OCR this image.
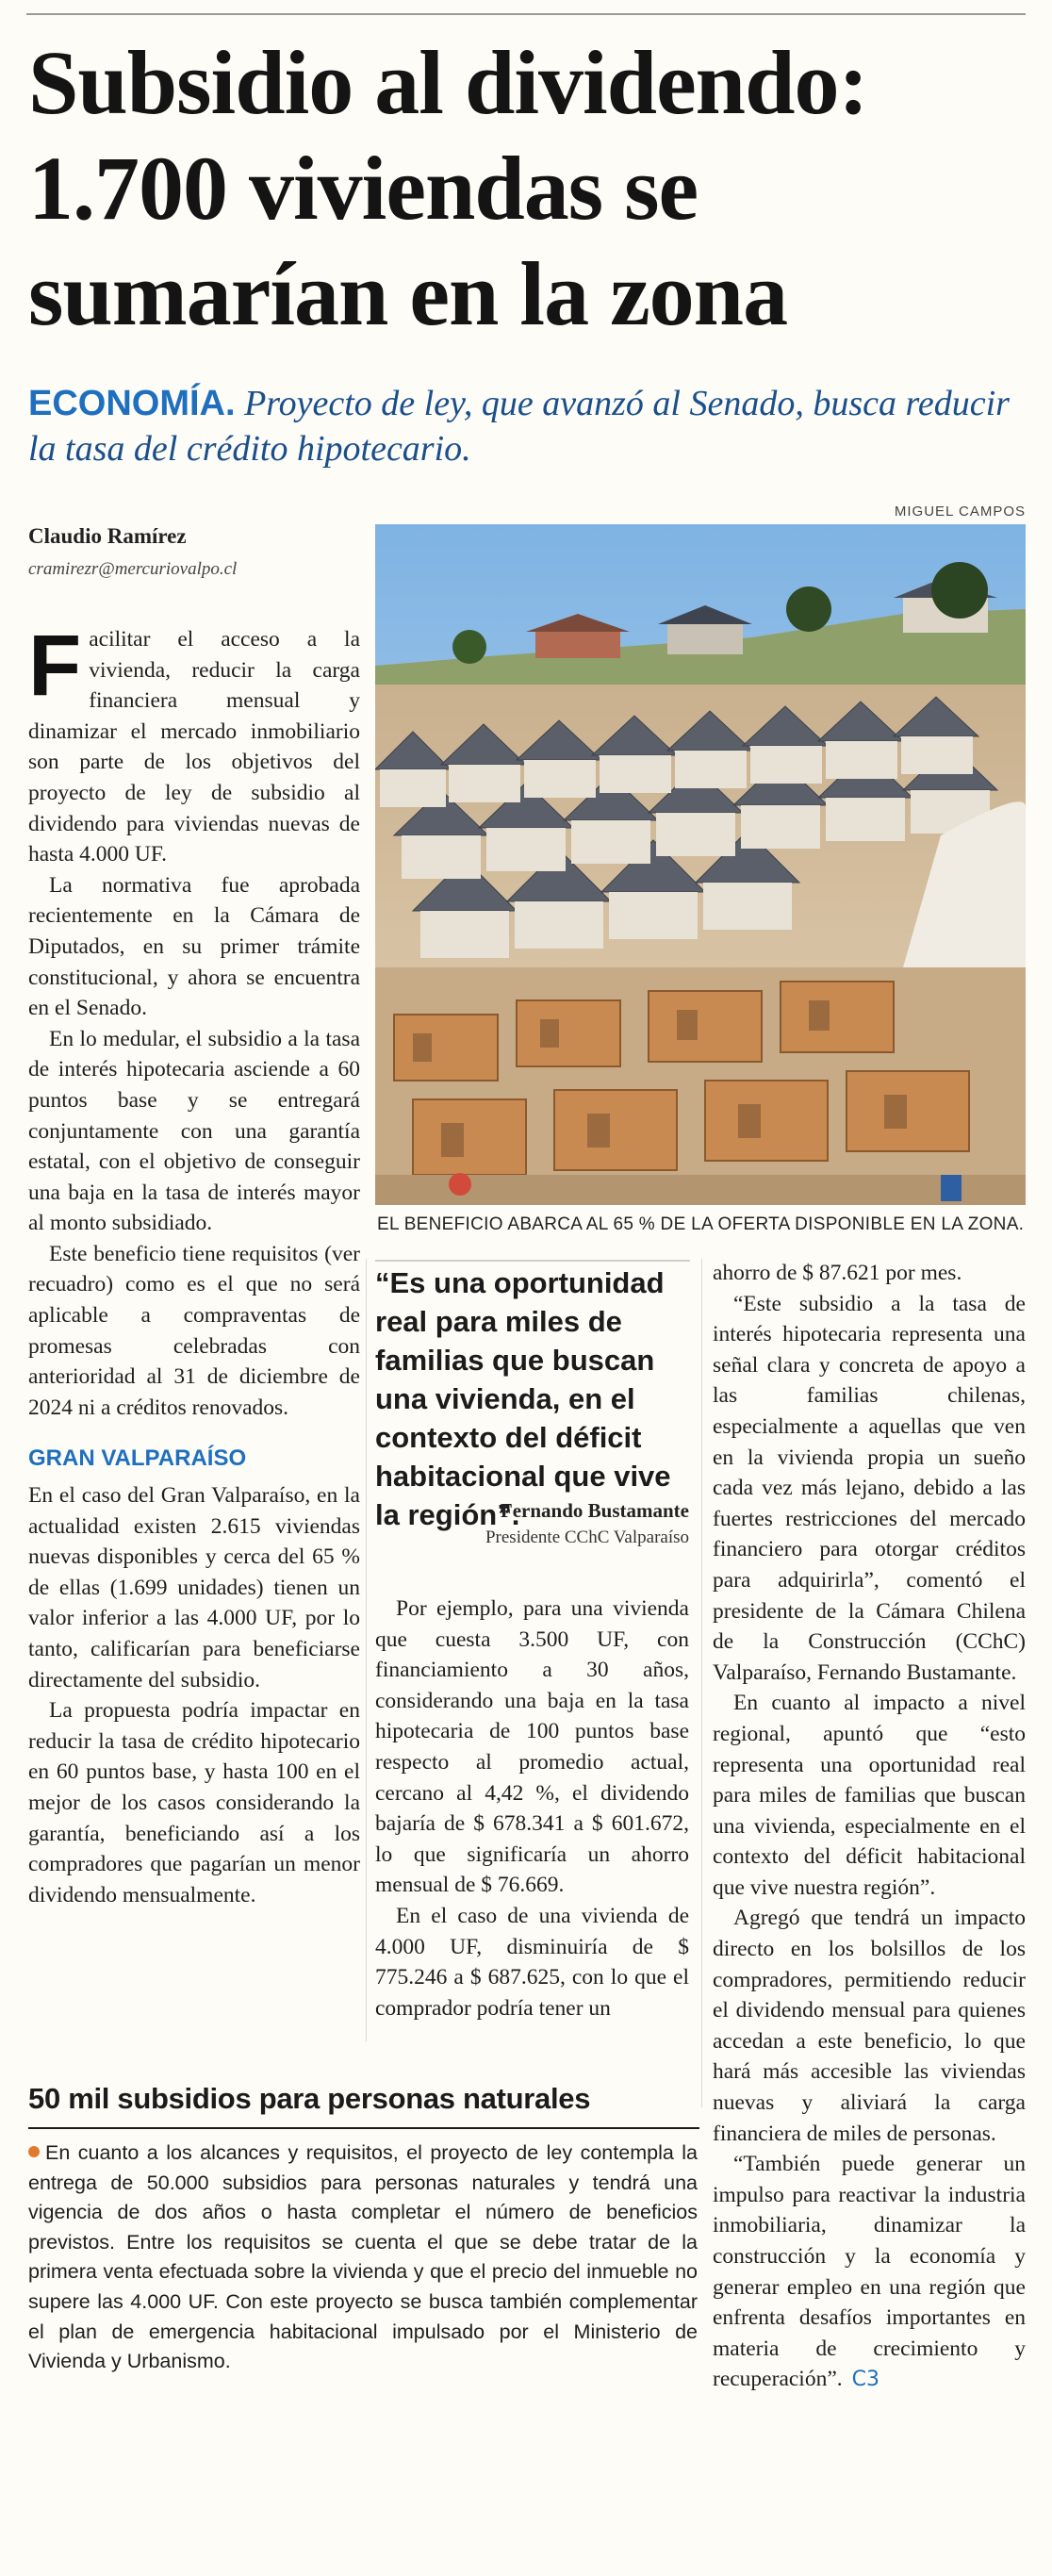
Subsidio al dividendo:
1.700 viviendas se
sumarían en la zona
ECONOMÍA. Proyecto de ley, que avanzó al Senado, busca reducir la tasa del crédito hipotecario.
MIGUEL CAMPOS
Claudio Ramírez
cramirezr@mercuriovalpo.cl
EL BENEFICIO ABARCA AL 65 % DE LA OFERTA DISPONIBLE EN LA ZONA.

Facilitar el acceso a la vivienda, reducir la carga financiera mensual y dinamizar el mercado inmobiliario son parte de los objetivos del proyecto de ley de subsidio al dividendo para viviendas nuevas de hasta 4.000 UF.

La normativa fue aprobada recientemente en la Cámara de Diputados, en su primer trámite constitucional, y ahora se encuentra en el Senado.

En lo medular, el subsidio a la tasa de interés hipotecaria asciende a 60 puntos base y se entregará conjuntamente con una garantía estatal, con el objetivo de conseguir una baja en la tasa de interés mayor al monto subsidiado.

Este beneficio tiene requisitos (ver recuadro) como es el que no será aplicable a compraventas de promesas celebradas con anterioridad al 31 de diciembre de 2024 ni a créditos renovados.

GRAN VALPARAÍSO

En el caso del Gran Valparaíso, en la actualidad existen 2.615 viviendas nuevas disponibles y cerca del 65 % de ellas (1.699 unidades) tienen un valor inferior a las 4.000 UF, por lo tanto, calificarían para beneficiarse directamente del subsidio.

La propuesta podría impactar en reducir la tasa de crédito hipotecario en 60 puntos base, y hasta 100 en el mejor de los casos considerando la garantía, beneficiando así a los compradores que pagarían un menor dividendo mensualmente.

“Es una oportunidad real para miles de familias que buscan una vivienda, en el contexto del déficit habitacional que vive la región”.
Fernando Bustamante
Presidente CChC Valparaíso

Por ejemplo, para una vivienda que cuesta 3.500 UF, con financiamiento a 30 años, considerando una baja en la tasa hipotecaria de 100 puntos base respecto al promedio actual, cercano al 4,42 %, el dividendo bajaría de $ 678.341 a $ 601.672, lo que significaría un ahorro mensual de $ 76.669.

En el caso de una vivienda de 4.000 UF, disminuiría de $ 775.246 a $ 687.625, con lo que el comprador podría tener un

ahorro de $ 87.621 por mes.

“Este subsidio a la tasa de interés hipotecaria representa una señal clara y concreta de apoyo a las familias chilenas, especialmente a aquellas que ven en la vivienda propia un sueño cada vez más lejano, debido a las fuertes restricciones del mercado financiero para otorgar créditos para adquirirla”, comentó el presidente de la Cámara Chilena de la Construcción (CChC) Valparaíso, Fernando Bustamante.

En cuanto al impacto a nivel regional, apuntó que “esto representa una oportunidad real para miles de familias que buscan una vivienda, especialmente en el contexto del déficit habitacional que vive nuestra región”.

Agregó que tendrá un impacto directo en los bolsillos de los compradores, permitiendo reducir el dividendo mensual para quienes accedan a este beneficio, lo que hará más accesible las viviendas nuevas y aliviará la carga financiera de miles de personas.

“También puede generar un impulso para reactivar la industria inmobiliaria, dinamizar la construcción y la economía y generar empleo en una región que enfrenta desafíos importantes en materia de crecimiento y recuperación”. C3

50 mil subsidios para personas naturales
En cuanto a los alcances y requisitos, el proyecto de ley contempla la entrega de 50.000 subsidios para personas naturales y tendrá una vigencia de dos años o hasta completar el número de beneficios previstos. Entre los requisitos se cuenta el que se debe tratar de la primera venta efectuada sobre la vivienda y que el precio del inmueble no supere las 4.000 UF. Con este proyecto se busca también complementar el plan de emergencia habitacional impulsado por el Ministerio de Vivienda y Urbanismo.
